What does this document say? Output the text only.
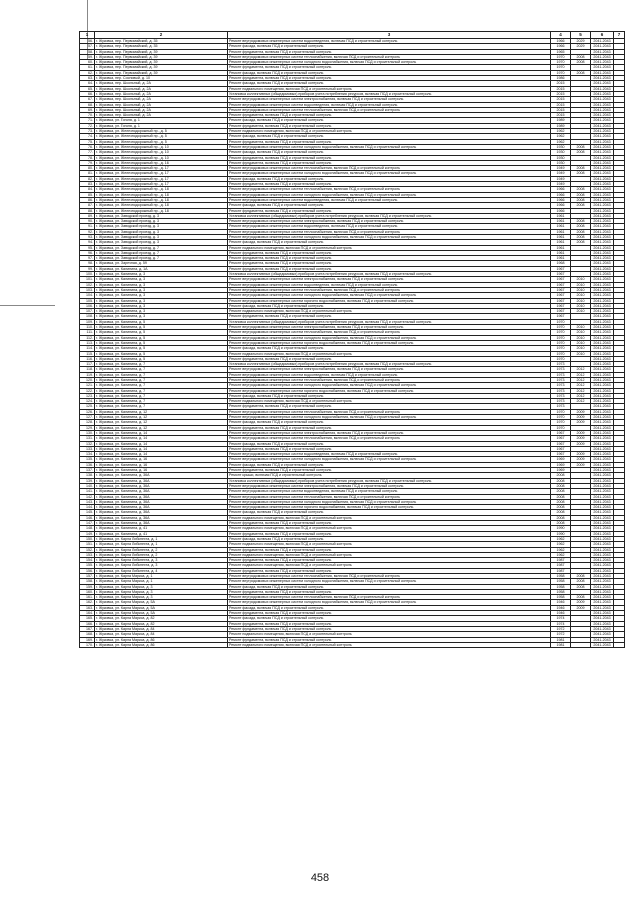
1	2	3	4	5	6	7
56.	г. Жуковка, пер. Первомайский, д. 35	Ремонт внутридомовых инженерных систем водоотведения, включая ПСД и строительный контроль	1966	2029	2041-2043	
57.	г. Жуковка, пер. Первомайский, д. 35	Ремонт фасада, включая ПСД и строительный контроль	1966	2029	2041-2043	
58.	г. Жуковка, пер. Первомайский, д. 39	Ремонт фундамента, включая ПСД и строительный контроль	1965		2041-2043	
59.	г. Жуковка, пер. Первомайский, д. 39	Ремонт внутридомовых инженерных систем теплоснабжения, включая ПСД и строительный контроль	1970	2008	2041-2043	
60.	г. Жуковка, пер. Первомайский, д. 39	Ремонт внутридомовых инженерных систем холодного водоснабжения, включая ПСД и строительный контроль	1970	2008	2041-2043	
61.	г. Жуковка, пер. Первомайский, д. 39	Ремонт фундамента, включая ПСД и строительный контроль	1970		2041-2043	
62.	г. Жуковка, пер. Первомайский, д. 39	Ремонт фасада, включая ПСД и строительный контроль	1970	2008	2041-2043	
63.	г. Жуковка, пер. Сосновый, д. 10	Ремонт фундамента, включая ПСД и строительный контроль	1986		2041-2043	
64.	г. Жуковка, пер. Школьный, д. 2А	Ремонт фасада, включая ПСД и строительный контроль	2015		2041-2043	
65.	г. Жуковка, пер. Школьный, д. 2А	Ремонт подвального помещения, включая ПСД и строительный контроль	2015		2041-2043	
66.	г. Жуковка, пер. Школьный, д. 2А	Установка коллективных (общедомовых) приборов учета потребления ресурсов, включая ПСД и строительный контроль	2015		2041-2043	
67.	г. Жуковка, пер. Школьный, д. 2А	Ремонт внутридомовых инженерных систем электроснабжения, включая ПСД и строительный контроль	2015		2041-2043	
68.	г. Жуковка, пер. Школьный, д. 2А	Ремонт внутридомовых инженерных систем водоотведения, включая ПСД и строительный контроль	2015		2041-2043	
69.	г. Жуковка, пер. Школьный, д. 2А	Ремонт внутридомовых инженерных систем теплоснабжения, включая ПСД и строительный контроль	2015		2041-2043	
70.	г. Жуковка, пер. Школьный, д. 2А	Ремонт фундамента, включая ПСД и строительный контроль	2015		2041-2043	
71.	г. Жуковка, ул. Гоголя, д. 1	Ремонт фасада, включая ПСД и строительный контроль	1989		2041-2043	
72.	г. Жуковка, ул. Гоголя, д. 1	Ремонт фундамента, включая ПСД и строительный контроль	1989		2041-2043	
73.	г. Жуковка, ул. Железнодорожный пр., д. 5	Ремонт подвального помещения, включая ПСД и строительный контроль	1962		2041-2043	
74.	г. Жуковка, ул. Железнодорожный пр., д. 5	Ремонт фасада, включая ПСД и строительный контроль	1962		2041-2043	
75.	г. Жуковка, ул. Железнодорожный пр., д. 5	Ремонт фундамента, включая ПСД и строительный контроль	1962		2041-2043	
76.	г. Жуковка, ул. Железнодорожный пр., д. 10	Ремонт внутридомовых инженерных систем холодного водоснабжения, включая ПСД и строительный контроль	1930	2008	2041-2043	
77.	г. Жуковка, ул. Железнодорожный пр., д. 10	Ремонт фасада, включая ПСД и строительный контроль	1930	2008	2041-2043	
78.	г. Жуковка, ул. Железнодорожный пр., д. 10	Ремонт фундамента, включая ПСД и строительный контроль	1930		2041-2043	
79.	г. Жуковка, ул. Железнодорожный пр., д. 16	Ремонт фундамента, включая ПСД и строительный контроль	1930		2041-2043	
80.	г. Жуковка, ул. Железнодорожный пр., д. 17	Ремонт внутридомовых инженерных систем теплоснабжения, включая ПСД и строительный контроль	1949	2008	2041-2043	
81.	г. Жуковка, ул. Железнодорожный пр., д. 17	Ремонт внутридомовых инженерных систем холодного водоснабжения, включая ПСД и строительный контроль	1949	2008	2041-2043	
82.	г. Жуковка, ул. Железнодорожный пр., д. 17	Ремонт фасада, включая ПСД и строительный контроль	1949		2041-2043	
83.	г. Жуковка, ул. Железнодорожный пр., д. 17	Ремонт фундамента, включая ПСД и строительный контроль	1949		2041-2043	
84.	г. Жуковка, ул. Железнодорожный пр., д. 18	Ремонт внутридомовых инженерных систем теплоснабжения, включая ПСД и строительный контроль	1966	2008	2041-2043	
85.	г. Жуковка, ул. Железнодорожный пр., д. 18	Ремонт внутридомовых инженерных систем холодного водоснабжения, включая ПСД и строительный контроль	1966	2008	2041-2043	
86.	г. Жуковка, ул. Железнодорожный пр., д. 18	Ремонт внутридомовых инженерных систем водоотведения, включая ПСД и строительный контроль	1966	2008	2041-2043	
87.	г. Жуковка, ул. Железнодорожный пр., д. 18	Ремонт фасада, включая ПСД и строительный контроль	1966	2008	2041-2043	
88.	г. Жуковка, ул. Железнодорожный пр., д. 18	Ремонт фундамента, включая ПСД и строительный контроль	1966		2041-2043	
89.	г. Жуковка, ул. Заводской проезд, д. 3	Установка коллективных (общедомовых) приборов учета потребления ресурсов, включая ПСД и строительный контроль	1961		2041-2043	
90.	г. Жуковка, ул. Заводской проезд, д. 3	Ремонт внутридомовых инженерных систем электроснабжения, включая ПСД и строительный контроль	1961	2008	2041-2043	
91.	г. Жуковка, ул. Заводской проезд, д. 3	Ремонт внутридомовых инженерных систем водоотведения, включая ПСД и строительный контроль	1961	2008	2041-2043	
92.	г. Жуковка, ул. Заводской проезд, д. 3	Ремонт внутридомовых инженерных систем теплоснабжения, включая ПСД и строительный контроль	1961	2008	2041-2043	
93.	г. Жуковка, ул. Заводской проезд, д. 3	Ремонт внутридомовых инженерных систем холодного водоснабжения, включая ПСД и строительный контроль	1961	2008	2041-2043	
94.	г. Жуковка, ул. Заводской проезд, д. 3	Ремонт фасада, включая ПСД и строительный контроль	1961	2008	2041-2043	
95.	г. Жуковка, ул. Заводской проезд, д. 7	Ремонт подвального помещения, включая ПСД и строительный контроль	1961		2041-2043	
96.	г. Жуковка, ул. Заводской проезд, д. 7	Ремонт фундамента, включая ПСД и строительный контроль	1961		2041-2043	
97.	г. Жуковка, ул. Заводской проезд, д. 7	Ремонт фундамента, включая ПСД и строительный контроль	1961		2041-2043	
98.	г. Жуковка, ул. Заречная, д. 59	Ремонт фундамента, включая ПСД и строительный контроль	1968		2041-2043	
99.	г. Жуковка, ул. Калинина, д. 1А	Ремонт фундамента, включая ПСД и строительный контроль	1967		2041-2043	
100.	г. Жуковка, ул. Калинина, д. 3	Установка коллективных (общедомовых) приборов учета потребления ресурсов, включая ПСД и строительный контроль	1967		2041-2043	
101.	г. Жуковка, ул. Калинина, д. 3	Ремонт внутридомовых инженерных систем электроснабжения, включая ПСД и строительный контроль	1967	2010	2041-2043	
102.	г. Жуковка, ул. Калинина, д. 3	Ремонт внутридомовых инженерных систем водоотведения, включая ПСД и строительный контроль	1967	2010	2041-2043	
103.	г. Жуковка, ул. Калинина, д. 3	Ремонт внутридомовых инженерных систем теплоснабжения, включая ПСД и строительный контроль	1967	2010	2041-2043	
104.	г. Жуковка, ул. Калинина, д. 3	Ремонт внутридомовых инженерных систем холодного водоснабжения, включая ПСД и строительный контроль	1967	2010	2041-2043	
105.	г. Жуковка, ул. Калинина, д. 3	Ремонт внутридомовых инженерных систем горячего водоснабжения, включая ПСД и строительный контроль	1967	2010	2041-2043	
106.	г. Жуковка, ул. Калинина, д. 3	Ремонт фасада, включая ПСД и строительный контроль	1967	2010	2041-2043	
107.	г. Жуковка, ул. Калинина, д. 3	Ремонт подвального помещения, включая ПСД и строительный контроль	1967	2010	2041-2043	
108.	г. Жуковка, ул. Калинина, д. 3	Ремонт фундамента, включая ПСД и строительный контроль	1967		2041-2043	
109.	г. Жуковка, ул. Калинина, д. 5	Установка коллективных (общедомовых) приборов учета потребления ресурсов, включая ПСД и строительный контроль	1970		2041-2043	
110.	г. Жуковка, ул. Калинина, д. 5	Ремонт внутридомовых инженерных систем электроснабжения, включая ПСД и строительный контроль	1970	2010	2041-2043	
111.	г. Жуковка, ул. Калинина, д. 5	Ремонт внутридомовых инженерных систем теплоснабжения, включая ПСД и строительный контроль	1970	2010	2041-2043	
112.	г. Жуковка, ул. Калинина, д. 5	Ремонт внутридомовых инженерных систем холодного водоснабжения, включая ПСД и строительный контроль	1970	2010	2041-2043	
113.	г. Жуковка, ул. Калинина, д. 5	Ремонт внутридомовых инженерных систем горячего водоснабжения, включая ПСД и строительный контроль	1970	2010	2041-2043	
114.	г. Жуковка, ул. Калинина, д. 5	Ремонт фасада, включая ПСД и строительный контроль	1970	2010	2041-2043	
115.	г. Жуковка, ул. Калинина, д. 5	Ремонт подвального помещения, включая ПСД и строительный контроль	1970	2010	2041-2043	
116.	г. Жуковка, ул. Калинина, д. 5	Ремонт фундамента, включая ПСД и строительный контроль	1970		2041-2043	
117.	г. Жуковка, ул. Калинина, д. 7	Установка коллективных (общедомовых) приборов учета потребления ресурсов, включая ПСД и строительный контроль	1973		2041-2043	
118.	г. Жуковка, ул. Калинина, д. 7	Ремонт внутридомовых инженерных систем электроснабжения, включая ПСД и строительный контроль	1973	2012	2041-2043	
119.	г. Жуковка, ул. Калинина, д. 7	Ремонт внутридомовых инженерных систем водоотведения, включая ПСД и строительный контроль	1973	2012	2041-2043	
120.	г. Жуковка, ул. Калинина, д. 7	Ремонт внутридомовых инженерных систем теплоснабжения, включая ПСД и строительный контроль	1973	2012	2041-2043	
121.	г. Жуковка, ул. Калинина, д. 7	Ремонт внутридомовых инженерных систем холодного водоснабжения, включая ПСД и строительный контроль	1973	2012	2041-2043	
122.	г. Жуковка, ул. Калинина, д. 7	Ремонт внутридомовых инженерных систем горячего водоснабжения, включая ПСД и строительный контроль	1973	2012	2041-2043	
123.	г. Жуковка, ул. Калинина, д. 7	Ремонт фасада, включая ПСД и строительный контроль	1973	2012	2041-2043	
124.	г. Жуковка, ул. Калинина, д. 7	Ремонт подвального помещения, включая ПСД и строительный контроль	1973	2012	2041-2043	
125.	г. Жуковка, ул. Калинина, д. 7	Ремонт фундамента, включая ПСД и строительный контроль	1973		2041-2043	
126.	г. Жуковка, ул. Калинина, д. 12	Ремонт внутридомовых инженерных систем теплоснабжения, включая ПСД и строительный контроль	1970	2009	2041-2043	
127.	г. Жуковка, ул. Калинина, д. 12	Ремонт внутридомовых инженерных систем холодного водоснабжения, включая ПСД и строительный контроль	1970	2009	2041-2043	
128.	г. Жуковка, ул. Калинина, д. 12	Ремонт фасада, включая ПСД и строительный контроль	1970	2009	2041-2043	
129.	г. Жуковка, ул. Калинина, д. 12	Ремонт фундамента, включая ПСД и строительный контроль	1970		2041-2043	
130.	г. Жуковка, ул. Калинина, д. 14	Ремонт внутридомовых инженерных систем электроснабжения, включая ПСД и строительный контроль	1967	2009	2041-2043	
131.	г. Жуковка, ул. Калинина, д. 14	Ремонт внутридомовых инженерных систем теплоснабжения, включая ПСД и строительный контроль	1967	2009	2041-2043	
132.	г. Жуковка, ул. Калинина, д. 14	Ремонт фасада, включая ПСД и строительный контроль	1967	2009	2041-2043	
133.	г. Жуковка, ул. Калинина, д. 14	Ремонт фундамента, включая ПСД и строительный контроль	1967		2041-2043	
134.	г. Жуковка, ул. Калинина, д. 14	Ремонт внутридомовых инженерных систем водоотведения, включая ПСД и строительный контроль	1967	2009	2041-2043	
135.	г. Жуковка, ул. Калинина, д. 16	Ремонт внутридомовых инженерных систем холодного водоснабжения, включая ПСД и строительный контроль	1969	2009	2041-2043	
136.	г. Жуковка, ул. Калинина, д. 16	Ремонт фасада, включая ПСД и строительный контроль	1969	2009	2041-2043	
137.	г. Жуковка, ул. Калинина, д. 16	Ремонт фундамента, включая ПСД и строительный контроль	1969		2041-2043	
138.	г. Жуковка, ул. Калинина, д. 36А	Ремонт крыши, включая ПСД и строительный контроль	2008		2041-2043	
139.	г. Жуковка, ул. Калинина, д. 36А	Установка коллективных (общедомовых) приборов учета потребления ресурсов, включая ПСД и строительный контроль	2008		2041-2043	
140.	г. Жуковка, ул. Калинина, д. 36А	Ремонт внутридомовых инженерных систем электроснабжения, включая ПСД и строительный контроль	2008		2041-2043	
141.	г. Жуковка, ул. Калинина, д. 36А	Ремонт внутридомовых инженерных систем водоотведения, включая ПСД и строительный контроль	2008		2041-2043	
142.	г. Жуковка, ул. Калинина, д. 36А	Ремонт внутридомовых инженерных систем теплоснабжения, включая ПСД и строительный контроль	2008		2041-2043	
143.	г. Жуковка, ул. Калинина, д. 36А	Ремонт внутридомовых инженерных систем холодного водоснабжения, включая ПСД и строительный контроль	2008		2041-2043	
144.	г. Жуковка, ул. Калинина, д. 36А	Ремонт внутридомовых инженерных систем горячего водоснабжения, включая ПСД и строительный контроль	2008		2041-2043	
145.	г. Жуковка, ул. Калинина, д. 36А	Ремонт фасада, включая ПСД и строительный контроль	2008		2041-2043	
146.	г. Жуковка, ул. Калинина, д. 36А	Ремонт подвального помещения, включая ПСД и строительный контроль	2008		2041-2043	
147.	г. Жуковка, ул. Калинина, д. 36А	Ремонт фундамента, включая ПСД и строительный контроль	2008		2041-2043	
148.	г. Жуковка, ул. Калинина, д. 41	Ремонт подвального помещения, включая ПСД и строительный контроль	1990		2041-2043	
149.	г. Жуковка, ул. Калинина, д. 41	Ремонт фундамента, включая ПСД и строительный контроль	1990		2041-2043	
150.	г. Жуковка, ул. Карла Либкнехта, д. 1	Ремонт фасада, включая ПСД и строительный контроль	1962		2041-2043	
151.	г. Жуковка, ул. Карла Либкнехта, д. 1	Ремонт подвального помещения, включая ПСД и строительный контроль	1962		2041-2043	
152.	г. Жуковка, ул. Карла Либкнехта, д. 2	Ремонт фундамента, включая ПСД и строительный контроль	1962		2041-2043	
153.	г. Жуковка, ул. Карла Либкнехта, д. 2	Ремонт подвального помещения, включая ПСД и строительный контроль	1962		2041-2043	
154.	г. Жуковка, ул. Карла Либкнехта, д. 3	Ремонт фундамента, включая ПСД и строительный контроль	1987		2041-2043	
155.	г. Жуковка, ул. Карла Либкнехта, д. 3	Ремонт подвального помещения, включая ПСД и строительный контроль	1987		2041-2043	
156.	г. Жуковка, ул. Карла Либкнехта, д. 4	Ремонт фундамента, включая ПСД и строительный контроль	1987		2041-2043	
157.	г. Жуковка, ул. Карла Маркса, д. 1	Ремонт внутридомовых инженерных систем теплоснабжения, включая ПСД и строительный контроль	1958	2008	2041-2043	
158.	г. Жуковка, ул. Карла Маркса, д. 1	Ремонт внутридомовых инженерных систем холодного водоснабжения, включая ПСД и строительный контроль	1958	2008	2041-2043	
159.	г. Жуковка, ул. Карла Маркса, д. 3	Ремонт фасада, включая ПСД и строительный контроль	1958	2008	2041-2043	
160.	г. Жуковка, ул. Карла Маркса, д. 3	Ремонт фундамента, включая ПСД и строительный контроль	1958		2041-2043	
161.	г. Жуковка, ул. Карла Маркса, д. 3	Ремонт внутридомовых инженерных систем теплоснабжения, включая ПСД и строительный контроль	1958	2008	2041-2043	
162.	г. Жуковка, ул. Карла Маркса, д. 5А	Ремонт внутридомовых инженерных систем холодного водоснабжения, включая ПСД и строительный контроль	1946	2009	2041-2043	
163.	г. Жуковка, ул. Карла Маркса, д. 5А	Ремонт фасада, включая ПСД и строительный контроль	1946	2009	2041-2043	
164.	г. Жуковка, ул. Карла Маркса, д. 5А	Ремонт фундамента, включая ПСД и строительный контроль	1946		2041-2043	
165.	г. Жуковка, ул. Карла Маркса, д. 82	Ремонт фасада, включая ПСД и строительный контроль	1974		2041-2043	
166.	г. Жуковка, ул. Карла Маркса, д. 82	Ремонт фундамента, включая ПСД и строительный контроль	1974		2041-2043	
167.	г. Жуковка, ул. Карла Маркса, д. 84	Ремонт фундамента, включая ПСД и строительный контроль	1972		2041-2043	
168.	г. Жуковка, ул. Карла Маркса, д. 84	Ремонт подвального помещения, включая ПСД и строительный контроль	1972		2041-2043	
169.	г. Жуковка, ул. Карла Маркса, д. 86	Ремонт фундамента, включая ПСД и строительный контроль	1981		2041-2043	
170.	г. Жуковка, ул. Карла Маркса, д. 86	Ремонт подвального помещения, включая ПСД и строительный контроль	1981		2041-2043	
458
